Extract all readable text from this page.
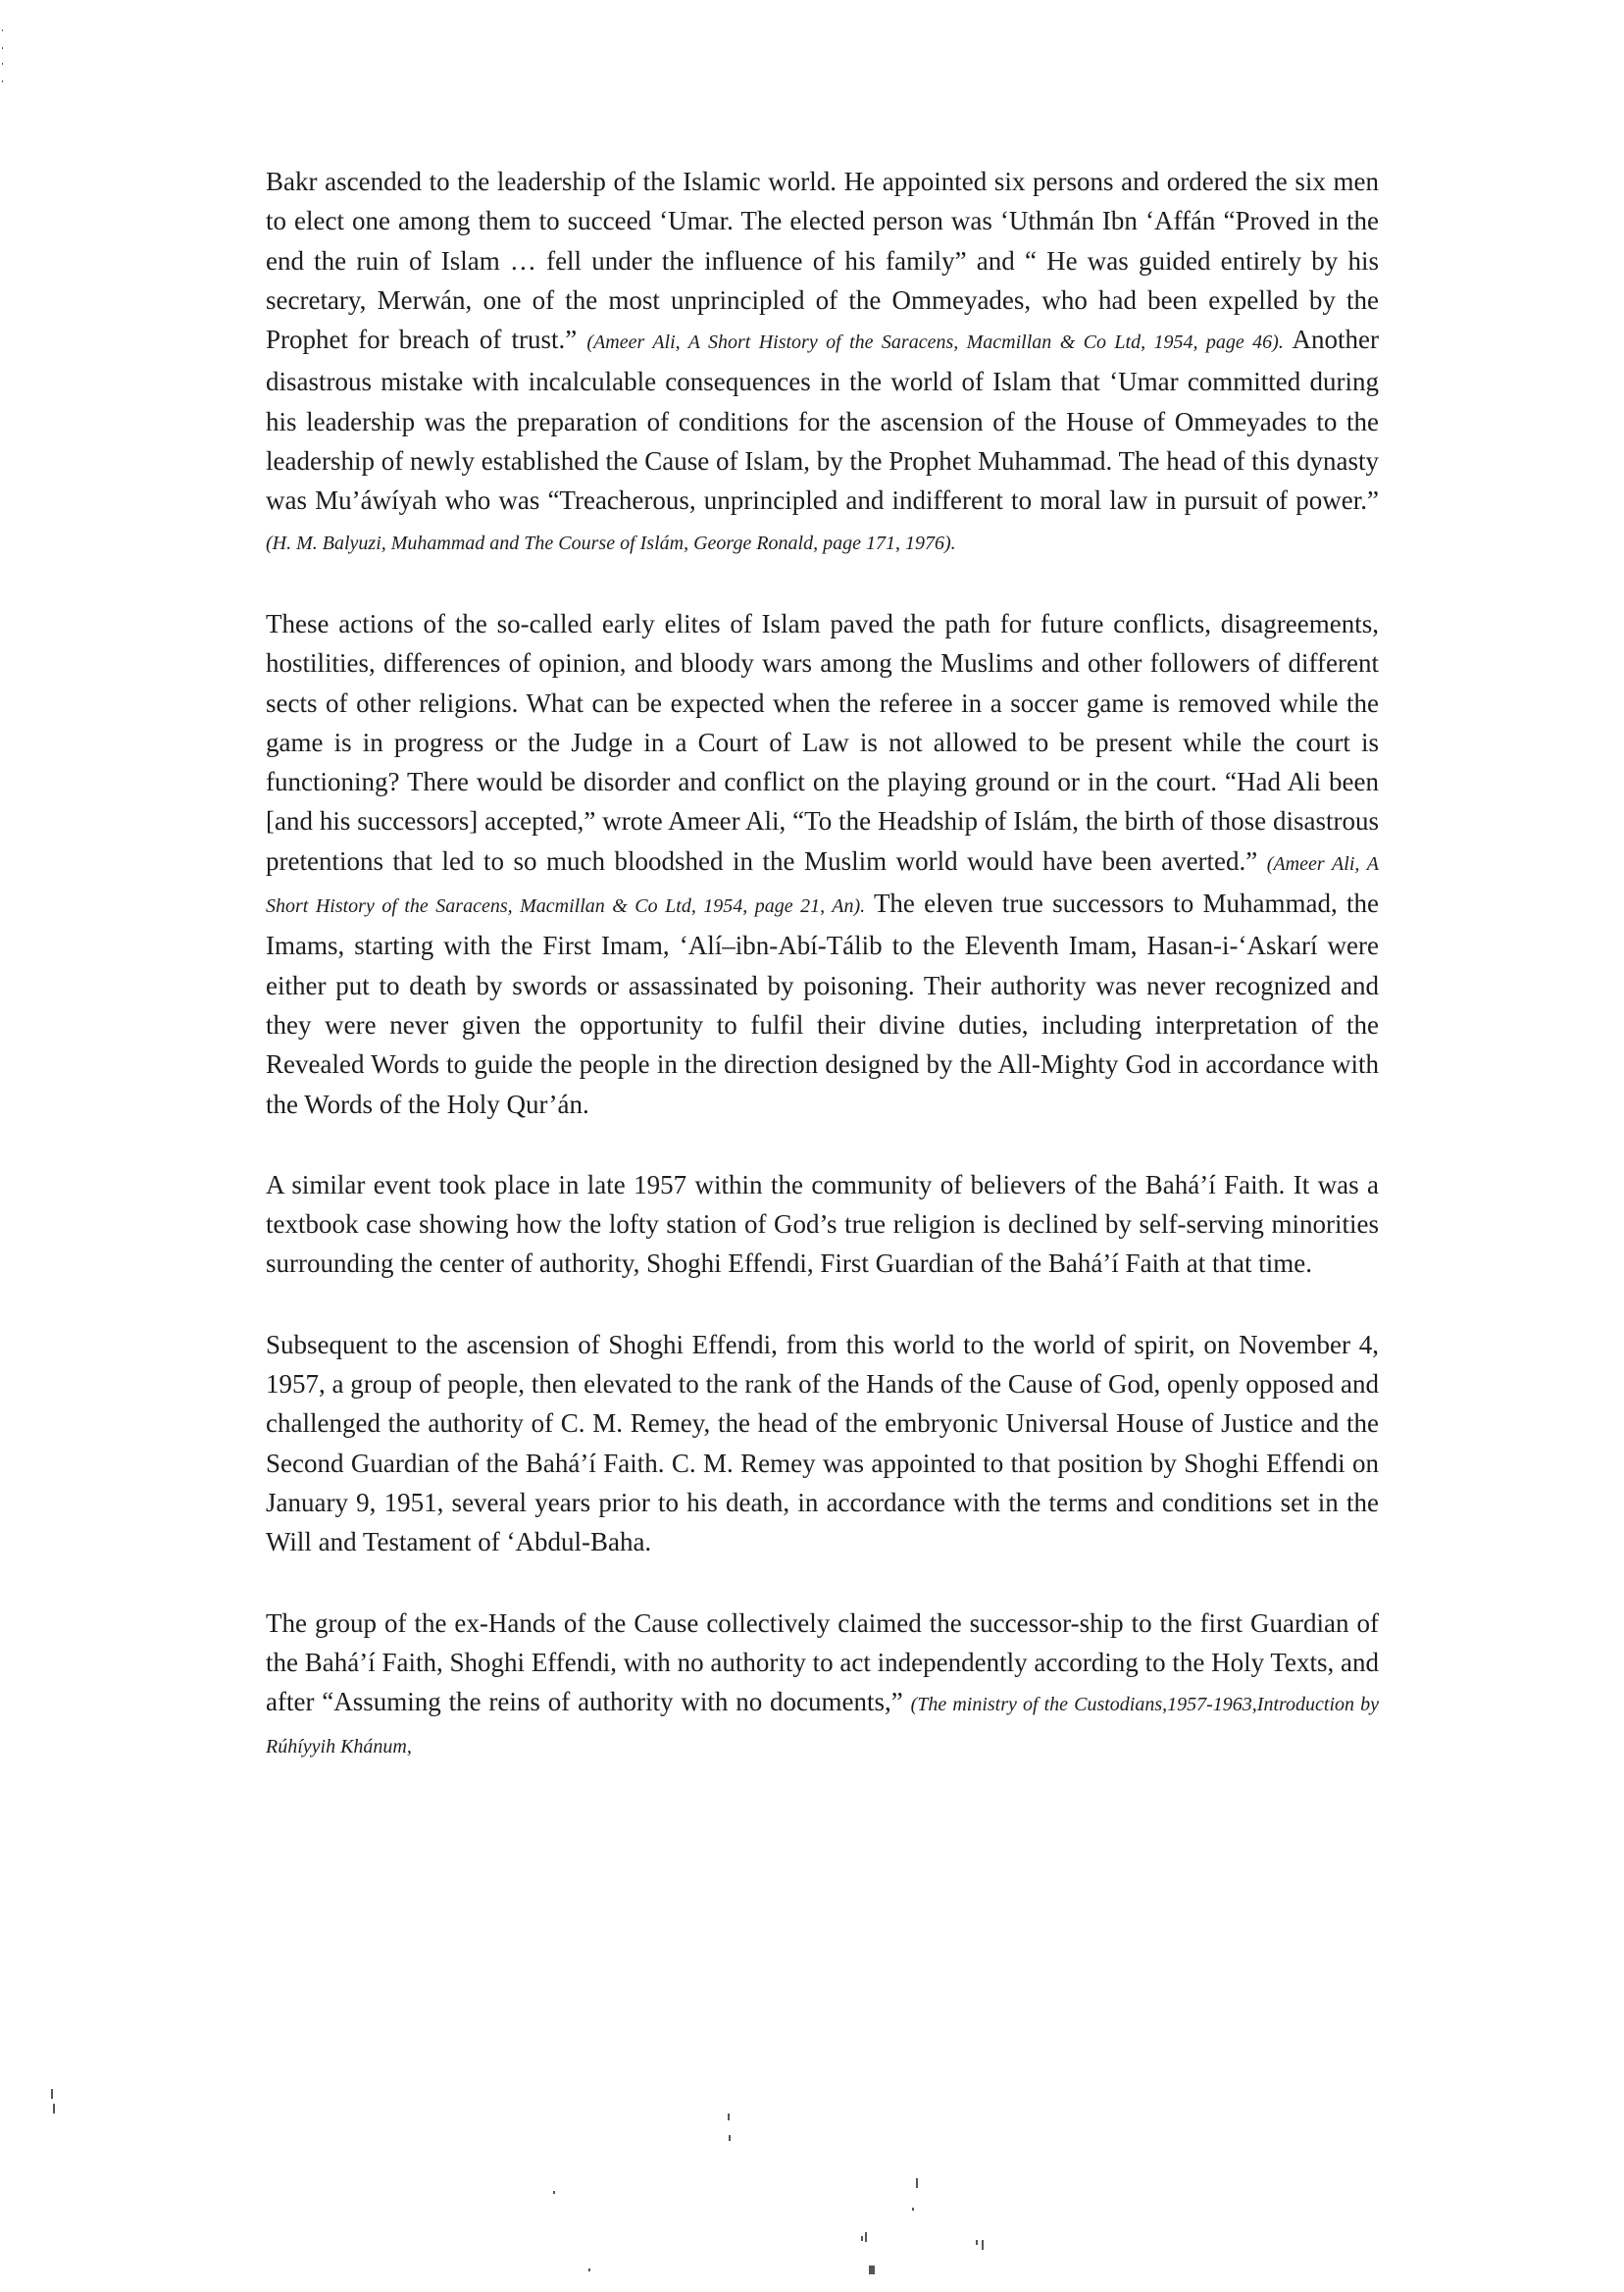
Bakr ascended to the leadership of the Islamic world. He appointed six persons and ordered the six men to elect one among them to succeed ‘Umar. The elected person was ‘Uthmán Ibn ‘Affán “Proved in the end the ruin of Islam … fell under the influence of his family” and “ He was guided entirely by his secretary, Merwán, one of the most unprincipled of the Ommeyades, who had been expelled by the Prophet for breach of trust.” (Ameer Ali, A Short History of the Saracens, Macmillan & Co Ltd, 1954, page 46). Another disastrous mistake with incalculable consequences in the world of Islam that ‘Umar committed during his leadership was the preparation of conditions for the ascension of the House of Ommeyades to the leadership of newly established the Cause of Islam, by the Prophet Muhammad. The head of this dynasty was Mu’áwíyah who was “Treacherous, unprincipled and indifferent to moral law in pursuit of power.” (H. M. Balyuzi, Muhammad and The Course of Islám, George Ronald, page 171, 1976).

These actions of the so-called early elites of Islam paved the path for future conflicts, disagreements, hostilities, differences of opinion, and bloody wars among the Muslims and other followers of different sects of other religions. What can be expected when the referee in a soccer game is removed while the game is in progress or the Judge in a Court of Law is not allowed to be present while the court is functioning? There would be disorder and conflict on the playing ground or in the court. “Had Ali been [and his successors] accepted,” wrote Ameer Ali, “To the Headship of Islám, the birth of those disastrous pretentions that led to so much bloodshed in the Muslim world would have been averted.” (Ameer Ali, A Short History of the Saracens, Macmillan & Co Ltd, 1954, page 21, An). The eleven true successors to Muhammad, the Imams, starting with the First Imam, ‘Alí–ibn-Abí-Tálib to the Eleventh Imam, Hasan-i-‘Askarí were either put to death by swords or assassinated by poisoning. Their authority was never recognized and they were never given the opportunity to fulfil their divine duties, including interpretation of the Revealed Words to guide the people in the direction designed by the All-Mighty God in accordance with the Words of the Holy Qur’án.

A similar event took place in late 1957 within the community of believers of the Bahá’í Faith. It was a textbook case showing how the lofty station of God’s true religion is declined by self-serving minorities surrounding the center of authority, Shoghi Effendi, First Guardian of the Bahá’í Faith at that time.

Subsequent to the ascension of Shoghi Effendi, from this world to the world of spirit, on November 4, 1957, a group of people, then elevated to the rank of the Hands of the Cause of God, openly opposed and challenged the authority of C. M. Remey, the head of the embryonic Universal House of Justice and the Second Guardian of the Bahá’í Faith. C. M. Remey was appointed to that position by Shoghi Effendi on January 9, 1951, several years prior to his death, in accordance with the terms and conditions set in the Will and Testament of ‘Abdul-Baha.

The group of the ex-Hands of the Cause collectively claimed the successor-ship to the first Guardian of the Bahá’í Faith, Shoghi Effendi, with no authority to act independently according to the Holy Texts, and after “Assuming the reins of authority with no documents,” (The ministry of the Custodians,1957-1963,Introduction by Rúhíyyih Khánum,
